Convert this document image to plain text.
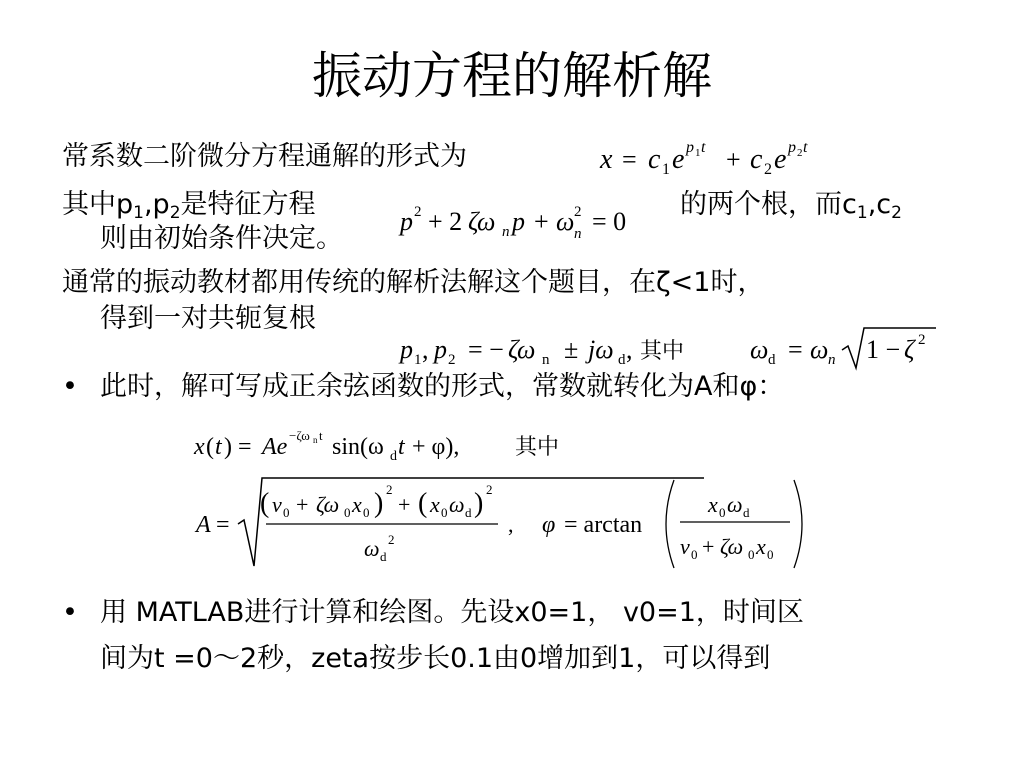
振动方程的解析解
常系数二阶微分方程通解的形式为	x = c 1 e p 1 t + c 2 e p 2 t
其中$p_1,p_2$是特征方程
p 2 + 2 ζω n p + ω 2
n = 0
的两个根，而$c_1,c_2$
则由初始条件决定。
通常的振动教材都用传统的解析法解这个题目，在ζ<1时，
得到一对共轭复根
p 1 , p 2 = − ζω n ± jω d , 其中	ω d = ω n 1 − ζ 2
• 此时，解可写成正余弦函数的形式，常数就转化为A和φ：
x ( t ) = Ae −ζω n t sin(ω d t + φ),	其中
A =
( v 0 + ζω 0 x 0 ) 2
+ ( x 0 ω d ) 2
ω d
2
, φ = arctan
x 0 ω d
v 0 + ζω 0 x 0
• 用 MATLAB进行计算和绘图。先设x0=1， v0=1，时间区
间为t =0～2秒，zeta按步长0.1由0增加到1，可以得到
